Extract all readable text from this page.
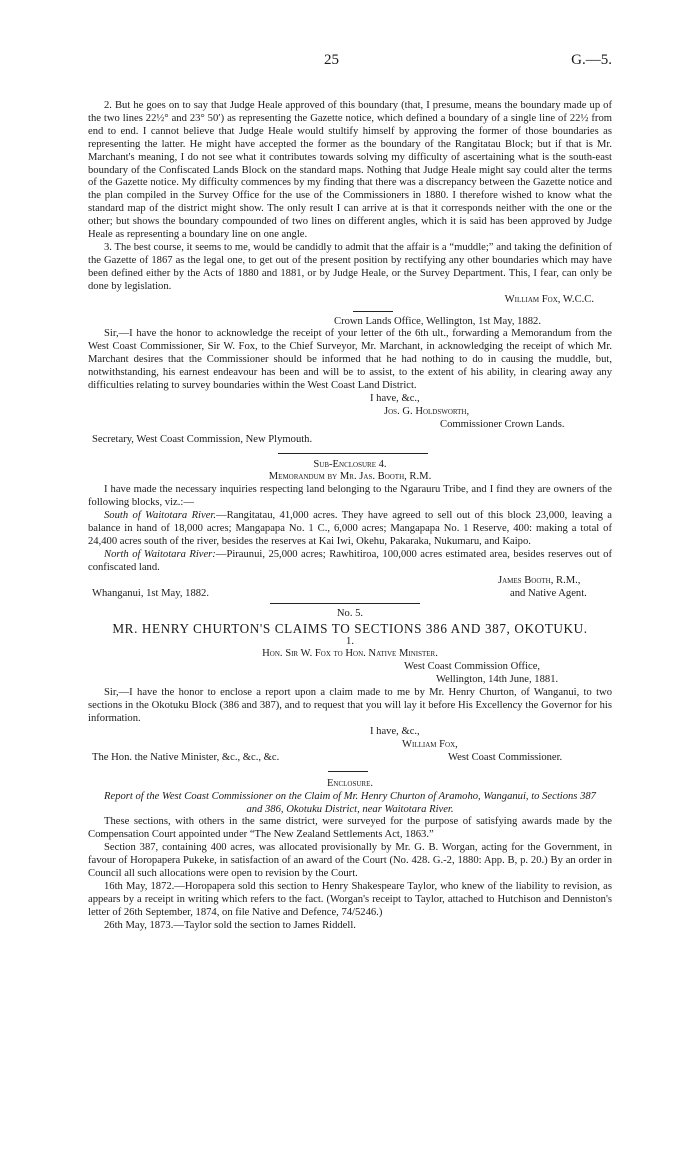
25	G.—5.

2. But he goes on to say that Judge Heale approved of this boundary (that, I presume, means the boundary made up of the two lines 22½° and 23° 50′) as representing the Gazette notice, which defined a boundary of a single line of 22½ from end to end. I cannot believe that Judge Heale would stultify himself by approving the former of those boundaries as representing the latter. He might have accepted the former as the boundary of the Rangitatau Block; but if that is Mr. Marchant's meaning, I do not see what it contributes towards solving my difficulty of ascertaining what is the south-east boundary of the Confiscated Lands Block on the standard maps. Nothing that Judge Heale might say could alter the terms of the Gazette notice. My difficulty commences by my finding that there was a discrepancy between the Gazette notice and the plan compiled in the Survey Office for the use of the Commissioners in 1880. I therefore wished to know what the standard map of the district might show. The only result I can arrive at is that it corresponds neither with the one or the other; but shows the boundary compounded of two lines on different angles, which it is said has been approved by Judge Heale as representing a boundary line on one angle.

3. The best course, it seems to me, would be candidly to admit that the affair is a “muddle;” and taking the definition of the Gazette of 1867 as the legal one, to get out of the present position by rectifying any other boundaries which may have been defined either by the Acts of 1880 and 1881, or by Judge Heale, or the Survey Department. This, I fear, can only be done by legislation.

William Fox, W.C.C.

Crown Lands Office, Wellington, 1st May, 1882.

Sir,—I have the honor to acknowledge the receipt of your letter of the 6th ult., forwarding a Memorandum from the West Coast Commissioner, Sir W. Fox, to the Chief Surveyor, Mr. Marchant, in acknowledging the receipt of which Mr. Marchant desires that the Commissioner should be informed that he had nothing to do in causing the muddle, but, notwithstanding, his earnest endeavour has been and will be to assist, to the extent of his ability, in clearing away any difficulties relating to survey boundaries within the West Coast Land District.

I have, &c.,

Jos. G. Holdsworth,

Commissioner Crown Lands.

Secretary, West Coast Commission, New Plymouth.

Sub-Enclosure 4.

Memorandum by Mr. Jas. Booth, R.M.

I have made the necessary inquiries respecting land belonging to the Ngarauru Tribe, and I find they are owners of the following blocks, viz.:—

South of Waitotara River.—Rangitatau, 41,000 acres. They have agreed to sell out of this block 23,000, leaving a balance in hand of 18,000 acres; Mangapapa No. 1 C., 6,000 acres; Mangapapa No. 1 Reserve, 400: making a total of 24,400 acres south of the river, besides the reserves at Kai Iwi, Okehu, Pakaraka, Nukumaru, and Kaipo.

North of Waitotara River:—Piraunui, 25,000 acres; Rawhitiroa, 100,000 acres estimated area, besides reserves out of confiscated land.

James Booth, R.M.,

Whanganui, 1st May, 1882.	and Native Agent.

No. 5.

MR. HENRY CHURTON'S CLAIMS TO SECTIONS 386 AND 387, OKOTUKU.

1.

Hon. Sir W. Fox to Hon. Native Minister.

West Coast Commission Office,

Wellington, 14th June, 1881.

Sir,—I have the honor to enclose a report upon a claim made to me by Mr. Henry Churton, of Wanganui, to two sections in the Okotuku Block (386 and 387), and to request that you will lay it before His Excellency the Governor for his information.

I have, &c.,

William Fox,

The Hon. the Native Minister, &c., &c., &c.	West Coast Commissioner.

Enclosure.

Report of the West Coast Commissioner on the Claim of Mr. Henry Churton of Aramoho, Wanganui, to Sections 387 and 386, Okotuku District, near Waitotara River.

These sections, with others in the same district, were surveyed for the purpose of satisfying awards made by the Compensation Court appointed under “The New Zealand Settlements Act, 1863.”

Section 387, containing 400 acres, was allocated provisionally by Mr. G. B. Worgan, acting for the Government, in favour of Horopapera Pukeke, in satisfaction of an award of the Court (No. 428. G.-2, 1880: App. B, p. 20.) By an order in Council all such allocations were open to revision by the Court.

16th May, 1872.—Horopapera sold this section to Henry Shakespeare Taylor, who knew of the liability to revision, as appears by a receipt in writing which refers to the fact. (Worgan's receipt to Taylor, attached to Hutchison and Denniston's letter of 26th September, 1874, on file Native and Defence, 74/5246.)

26th May, 1873.—Taylor sold the section to James Riddell.
